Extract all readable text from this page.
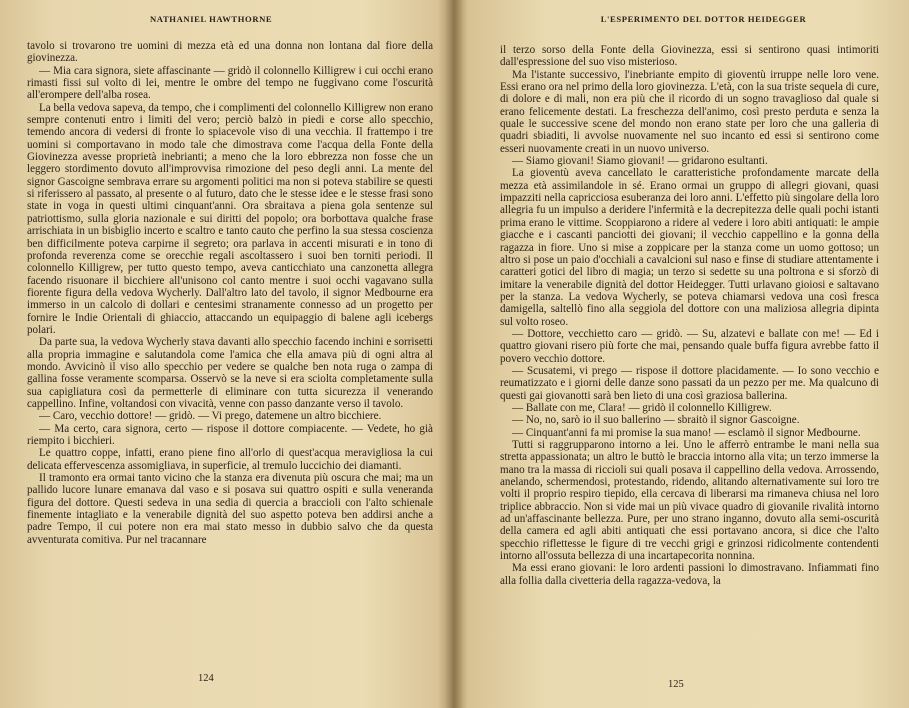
NATHANIEL HAWTHORNE

tavolo si trovarono tre uomini di mezza età ed una donna non lontana dal fiore della giovinezza.

— Mia cara signora, siete affascinante — gridò il colonnello Killigrew i cui occhi erano rimasti fissi sul volto di lei, mentre le ombre del tempo ne fuggivano come l'oscurità all'erompere dell'alba rosea.

La bella vedova sapeva, da tempo, che i complimenti del colonnello Killigrew non erano sempre contenuti entro i limiti del vero; perciò balzò in piedi e corse allo specchio, temendo ancora di vedersi di fronte lo spiacevole viso di una vecchia. Il frattempo i tre uomini si comportavano in modo tale che dimostrava come l'acqua della Fonte della Giovinezza avesse proprietà inebrianti; a meno che la loro ebbrezza non fosse che un leggero stordimento dovuto all'improvvisa rimozione del peso degli anni. La mente del signor Gascoigne sembrava errare su argomenti politici ma non si poteva stabilire se questi si riferissero al passato, al presente o al futuro, dato che le stesse idee e le stesse frasi sono state in voga in questi ultimi cinquant'anni. Ora sbraitava a piena gola sentenze sul patriottismo, sulla gloria nazionale e sui diritti del popolo; ora borbottava qualche frase arrischiata in un bisbiglio incerto e scaltro e tanto cauto che perfino la sua stessa coscienza ben difficilmente poteva carpirne il segreto; ora parlava in accenti misurati e in tono di profonda reverenza come se orecchie regali ascoltassero i suoi ben torniti periodi. Il colonnello Killigrew, per tutto questo tempo, aveva canticchiato una canzonetta allegra facendo risuonare il bicchiere all'unisono col canto mentre i suoi occhi vagavano sulla fiorente figura della vedova Wycherly. Dall'altro lato del tavolo, il signor Medbourne era immerso in un calcolo di dollari e centesimi stranamente connesso ad un progetto per fornire le Indie Orientali di ghiaccio, attaccando un equipaggio di balene agli icebergs polari.

Da parte sua, la vedova Wycherly stava davanti allo specchio facendo inchini e sorrisetti alla propria immagine e salutandola come l'amica che ella amava più di ogni altra al mondo. Avvicinò il viso allo specchio per vedere se qualche ben nota ruga o zampa di gallina fosse veramente scomparsa. Osservò se la neve si era sciolta completamente sulla sua capigliatura così da permetterle di eliminare con tutta sicurezza il venerando cappellino. Infine, voltandosi con vivacità, venne con passo danzante verso il tavolo.

— Caro, vecchio dottore! — gridò. — Vi prego, datemene un altro bicchiere.

— Ma certo, cara signora, certo — rispose il dottore compiacente. — Vedete, ho già riempito i bicchieri.

Le quattro coppe, infatti, erano piene fino all'orlo di quest'acqua meravigliosa la cui delicata effervescenza assomigliava, in superficie, al tremulo luccichio dei diamanti.

Il tramonto era ormai tanto vicino che la stanza era divenuta più oscura che mai; ma un pallido lucore lunare emanava dal vaso e si posava sui quattro ospiti e sulla veneranda figura del dottore. Questi sedeva in una sedia di quercia a braccioli con l'alto schienale finemente intagliato e la venerabile dignità del suo aspetto poteva ben addirsi anche a padre Tempo, il cui potere non era mai stato messo in dubbio salvo che da questa avventurata comitiva. Pur nel tracannare

124
L'ESPERIMENTO DEL DOTTOR HEIDEGGER

il terzo sorso della Fonte della Giovinezza, essi si sentirono quasi intimoriti dall'espressione del suo viso misterioso.

Ma l'istante successivo, l'inebriante empito di gioventù irruppe nelle loro vene. Essi erano ora nel primo della loro giovinezza. L'età, con la sua triste sequela di cure, di dolore e di mali, non era più che il ricordo di un sogno travaglioso dal quale si erano felicemente destati. La freschezza dell'animo, così presto perduta e senza la quale le successive scene del mondo non erano state per loro che una galleria di quadri sbiaditi, li avvolse nuovamente nel suo incanto ed essi si sentirono come esseri nuovamente creati in un nuovo universo.

— Siamo giovani! Siamo giovani! — gridarono esultanti.

La gioventù aveva cancellato le caratteristiche profondamente marcate della mezza età assimilandole in sé. Erano ormai un gruppo di allegri giovani, quasi impazziti nella capricciosa esuberanza dei loro anni. L'effetto più singolare della loro allegria fu un impulso a deridere l'infermità e la decrepitezza delle quali pochi istanti prima erano le vittime. Scoppiarono a ridere al vedere i loro abiti antiquati: le ampie giacche e i cascanti panciotti dei giovani; il vecchio cappellino e la gonna della ragazza in fiore. Uno si mise a zoppicare per la stanza come un uomo gottoso; un altro si pose un paio d'occhiali a cavalcioni sul naso e finse di studiare attentamente i caratteri gotici del libro di magia; un terzo si sedette su una poltrona e si sforzò di imitare la venerabile dignità del dottor Heidegger. Tutti urlavano gioiosi e saltavano per la stanza. La vedova Wycherly, se poteva chiamarsi vedova una così fresca damigella, saltellò fino alla seggiola del dottore con una maliziosa allegria dipinta sul volto roseo.

— Dottore, vecchietto caro — gridò. — Su, alzatevi e ballate con me! — Ed i quattro giovani risero più forte che mai, pensando quale buffa figura avrebbe fatto il povero vecchio dottore.

— Scusatemi, vi prego — rispose il dottore placidamente. — Io sono vecchio e reumatizzato e i giorni delle danze sono passati da un pezzo per me. Ma qualcuno di questi gai giovanotti sarà ben lieto di una così graziosa ballerina.

— Ballate con me, Clara! — gridò il colonnello Killigrew.

— No, no, sarò io il suo ballerino — sbraitò il signor Gascoigne.

— Cinquant'anni fa mi promise la sua mano! — esclamò il signor Medbourne.

Tutti si raggrupparono intorno a lei. Uno le afferrò entrambe le mani nella sua stretta appassionata; un altro le buttò le braccia intorno alla vita; un terzo immerse la mano tra la massa di riccioli sui quali posava il cappellino della vedova. Arrossendo, anelando, schermendosi, protestando, ridendo, alitando alternativamente sui loro tre volti il proprio respiro tiepido, ella cercava di liberarsi ma rimaneva chiusa nel loro triplice abbraccio. Non si vide mai un più vivace quadro di giovanile rivalità intorno ad un'affascinante bellezza. Pure, per uno strano inganno, dovuto alla semi-oscurità della camera ed agli abiti antiquati che essi portavano ancora, si dice che l'alto specchio riflettesse le figure di tre vecchi grigi e grinzosi ridicolmente contendenti intorno all'ossuta bellezza di una incartapecorita nonnina.

Ma essi erano giovani: le loro ardenti passioni lo dimostravano. Infiammati fino alla follia dalla civetteria della ragazza-vedova, la

125
